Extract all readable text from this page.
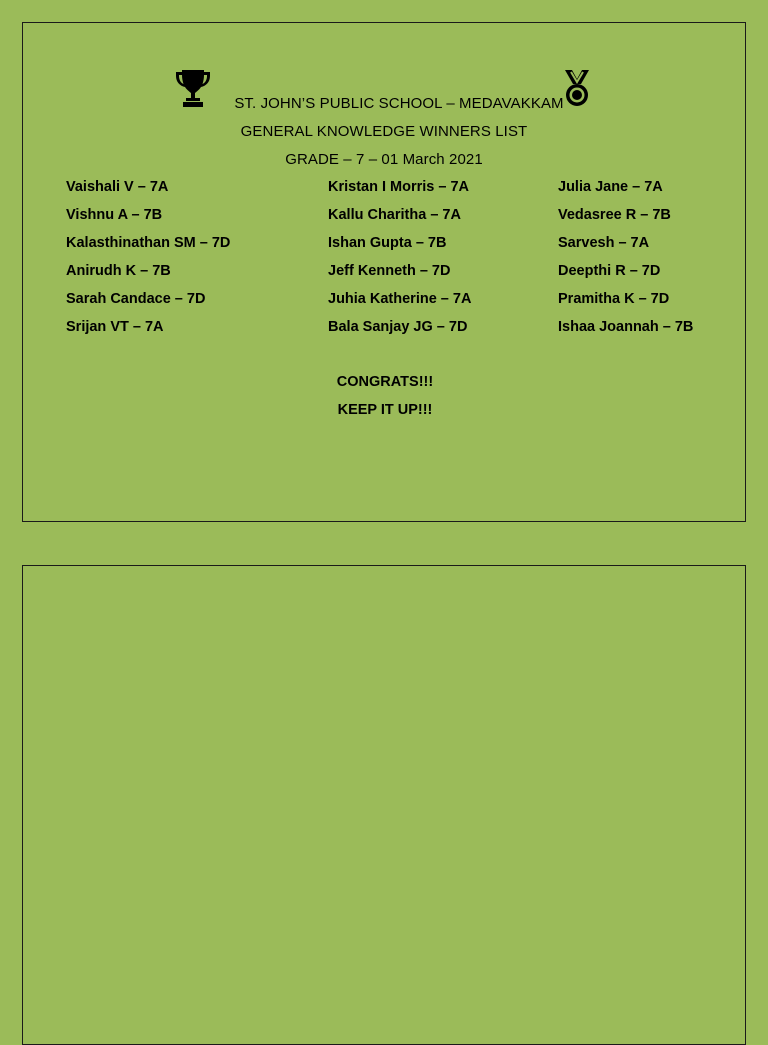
ST. JOHN’S PUBLIC SCHOOL – MEDAVAKKAM
GENERAL KNOWLEDGE WINNERS LIST
GRADE – 7 – 01 March 2021
Vaishali V – 7A
Vishnu A – 7B
Kalasthinathan SM – 7D
Anirudh K – 7B
Sarah Candace – 7D
Srijan VT – 7A
Kristan I Morris – 7A
Kallu Charitha – 7A
Ishan Gupta – 7B
Jeff Kenneth – 7D
Juhia Katherine – 7A
Bala Sanjay JG – 7D
Julia Jane – 7A
Vedasree R – 7B
Sarvesh – 7A
Deepthi R – 7D
Pramitha K – 7D
Ishaa Joannah – 7B
CONGRATS!!!
KEEP IT UP!!!
